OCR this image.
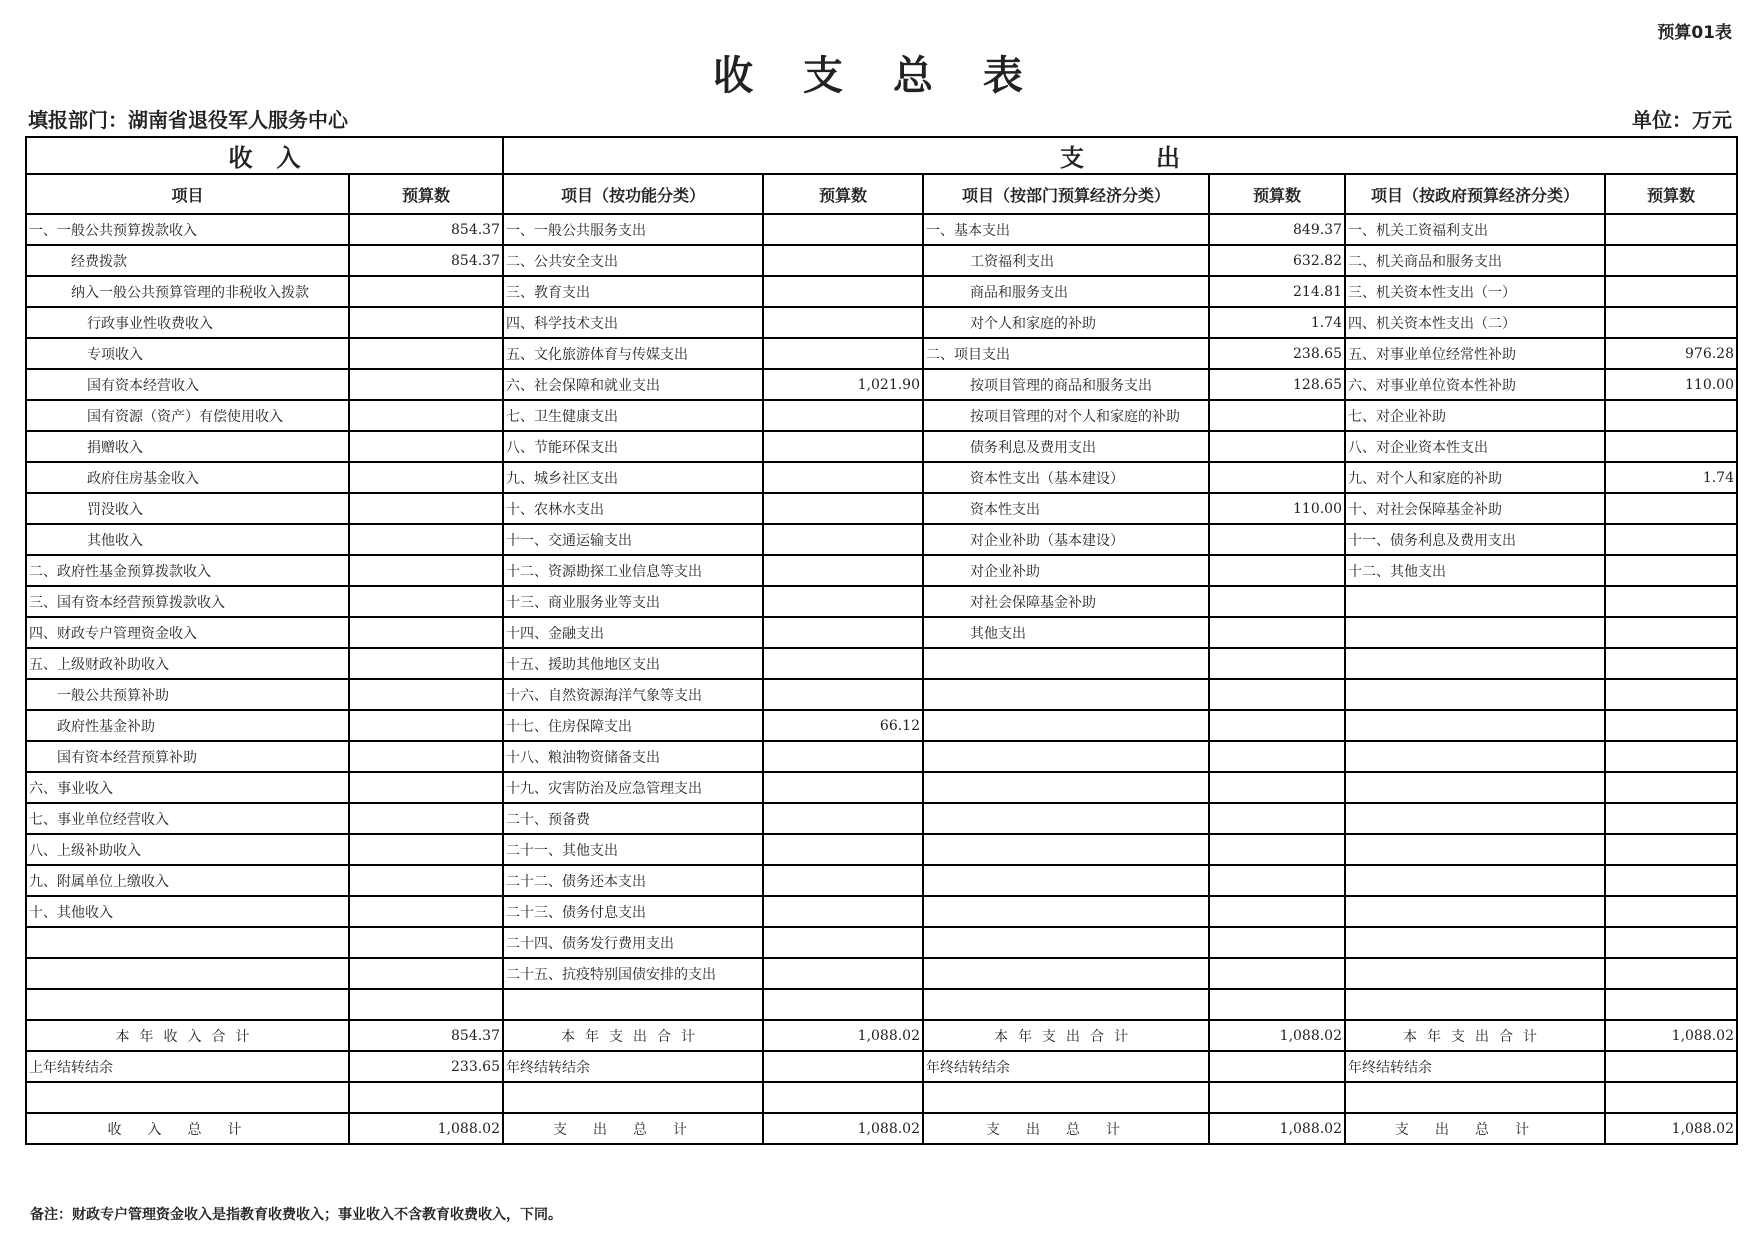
预算01表
收 支 总 表
填报部门：湖南省退役军人服务中心	单位：万元
收　入		支　　　出					
项目	预算数	项目（按功能分类）	预算数	项目（按部门预算经济分类）	预算数	项目（按政府预算经济分类）	预算数
一、一般公共预算拨款收入	854.37	一、一般公共服务支出		一、基本支出	849.37	一、机关工资福利支出	
经费拨款	854.37	二、公共安全支出		工资福利支出	632.82	二、机关商品和服务支出	
纳入一般公共预算管理的非税收入拨款		三、教育支出		商品和服务支出	214.81	三、机关资本性支出（一）	
行政事业性收费收入		四、科学技术支出		对个人和家庭的补助	1.74	四、机关资本性支出（二）	
专项收入		五、文化旅游体育与传媒支出		二、项目支出	238.65	五、对事业单位经常性补助	976.28
国有资本经营收入		六、社会保障和就业支出	1,021.90	按项目管理的商品和服务支出	128.65	六、对事业单位资本性补助	110.00
国有资源（资产）有偿使用收入		七、卫生健康支出		按项目管理的对个人和家庭的补助		七、对企业补助	
捐赠收入		八、节能环保支出		债务利息及费用支出		八、对企业资本性支出	
政府住房基金收入		九、城乡社区支出		资本性支出（基本建设）		九、对个人和家庭的补助	1.74
罚没收入		十、农林水支出		资本性支出	110.00	十、对社会保障基金补助	
其他收入		十一、交通运输支出		对企业补助（基本建设）		十一、债务利息及费用支出	
二、政府性基金预算拨款收入		十二、资源勘探工业信息等支出		对企业补助		十二、其他支出	
三、国有资本经营预算拨款收入		十三、商业服务业等支出		对社会保障基金补助			
四、财政专户管理资金收入		十四、金融支出		其他支出			
五、上级财政补助收入		十五、援助其他地区支出					
一般公共预算补助		十六、自然资源海洋气象等支出					
政府性基金补助		十七、住房保障支出	66.12				
国有资本经营预算补助		十八、粮油物资储备支出					
六、事业收入		十九、灾害防治及应急管理支出					
七、事业单位经营收入		二十、预备费					
八、上级补助收入		二十一、其他支出					
九、附属单位上缴收入		二十二、债务还本支出					
十、其他收入		二十三、债务付息支出					
		二十四、债务发行费用支出					
		二十五、抗疫特别国债安排的支出					

本年收入合计	854.37	本年支出合计	1,088.02	本年支出合计	1,088.02	本年支出合计	1,088.02
上年结转结余	233.65	年终结转结余		年终结转结余		年终结转结余	

收入总计	1,088.02	支出总计	1,088.02	支出总计	1,088.02	支出总计	1,088.02
备注：财政专户管理资金收入是指教育收费收入；事业收入不含教育收费收入，下同。
